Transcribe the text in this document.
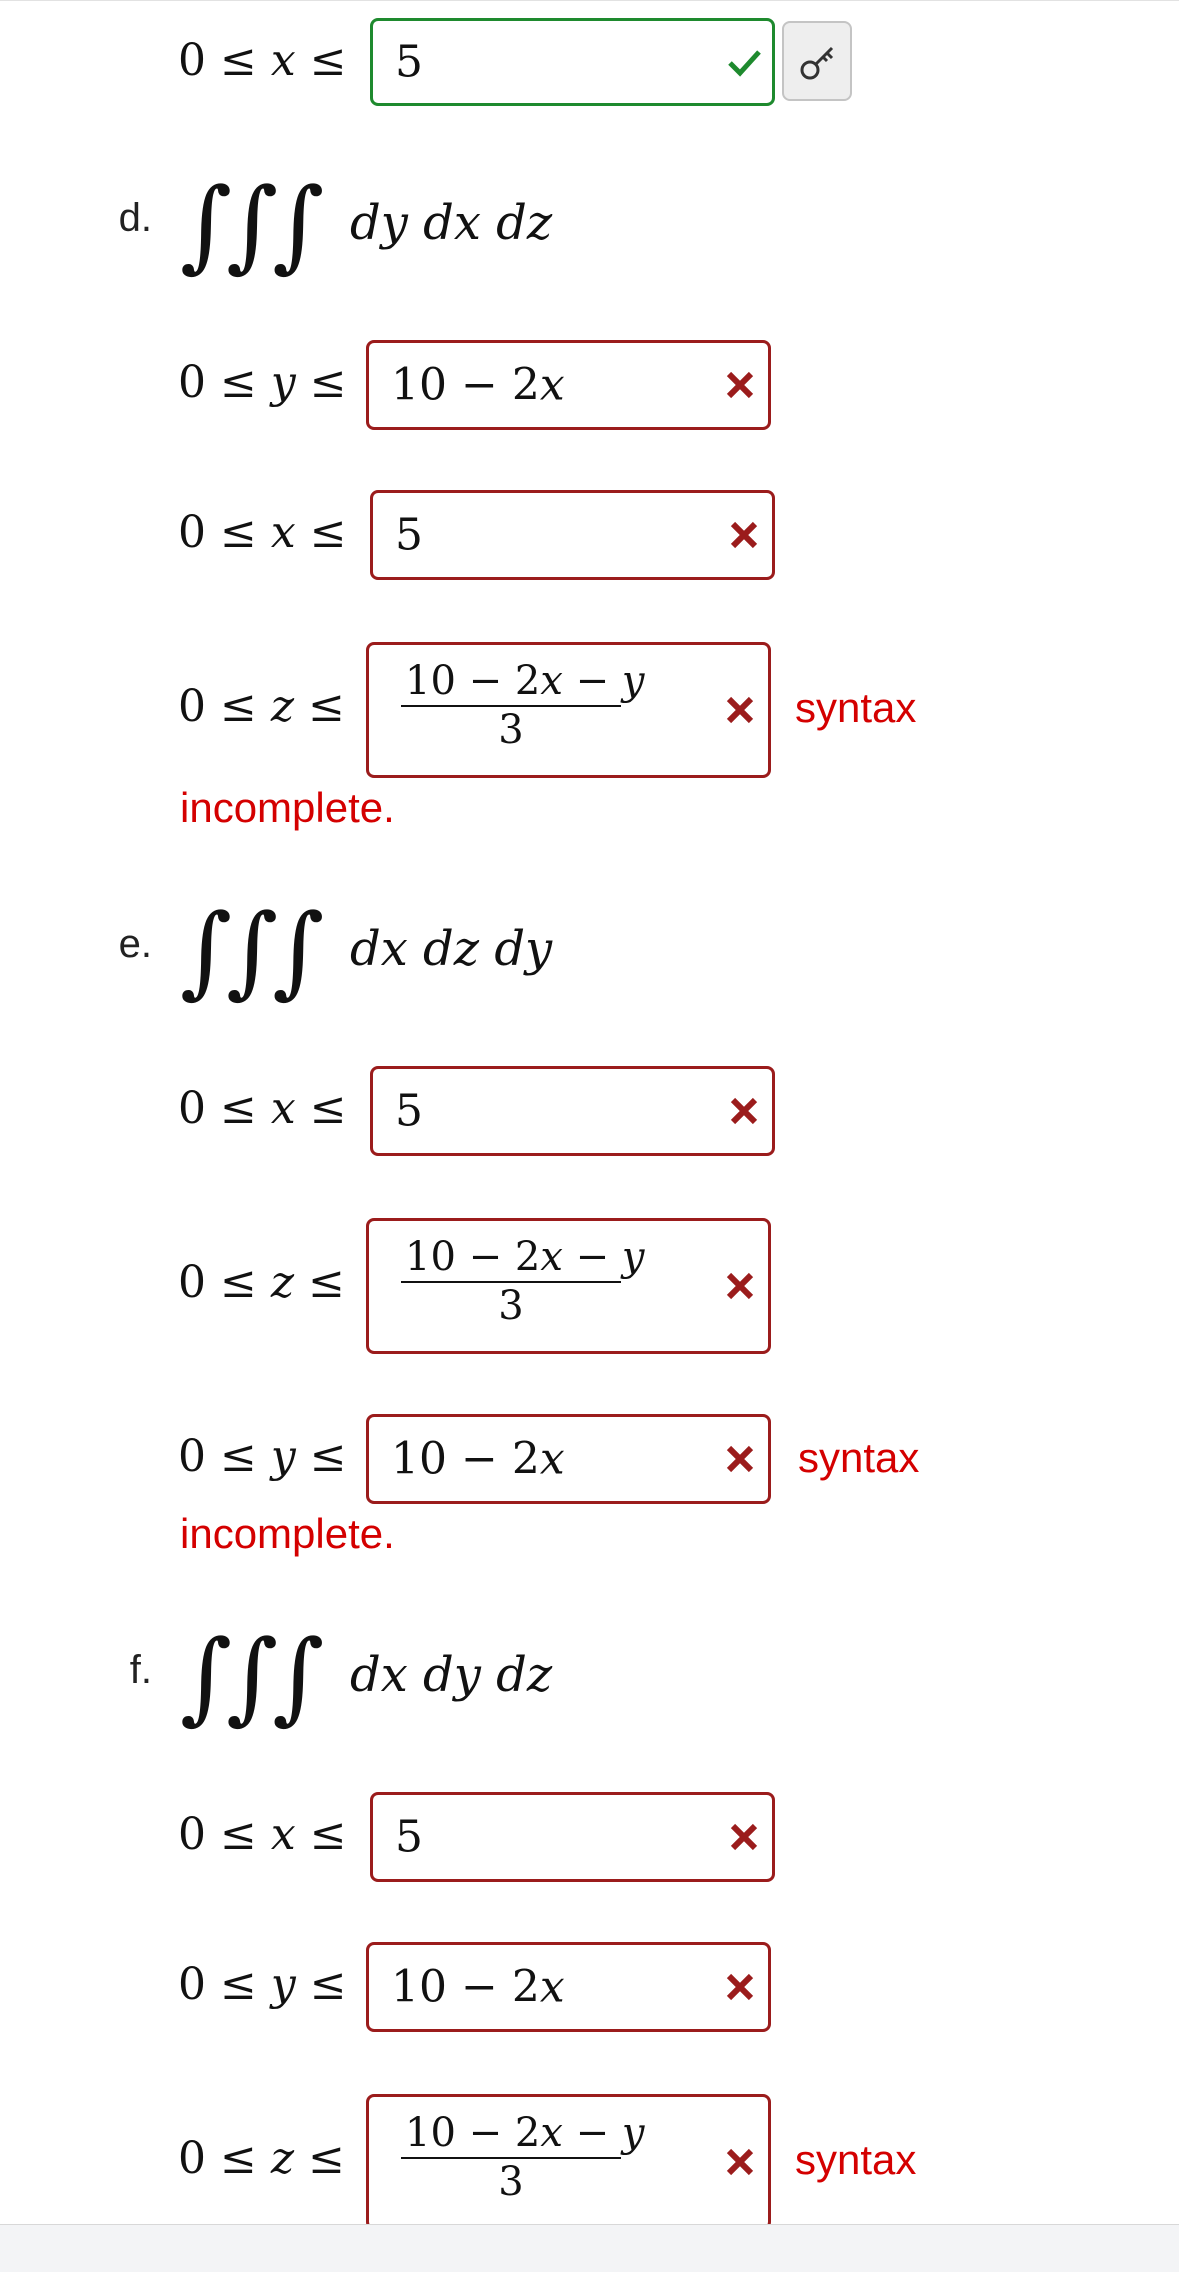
0 ≤ x ≤ 5
d. ∫∫∫ dy dx dz
0 ≤ y ≤ 10 − 2x
0 ≤ x ≤ 5
$0 \le z \le \frac{10 - 2x - y}{3}$	syntax
incomplete.
e. ∫∫∫ dx dz dy
0 ≤ x ≤ 5
$0 \le z \le \frac{10 - 2x - y}{3}$
0 ≤ y ≤ 10 − 2x	syntax
incomplete.
f. ∫∫∫ dx dy dz
0 ≤ x ≤ 5
0 ≤ y ≤ 10 − 2x
$0 \le z \le \frac{10 - 2x - y}{3}$	syntax
